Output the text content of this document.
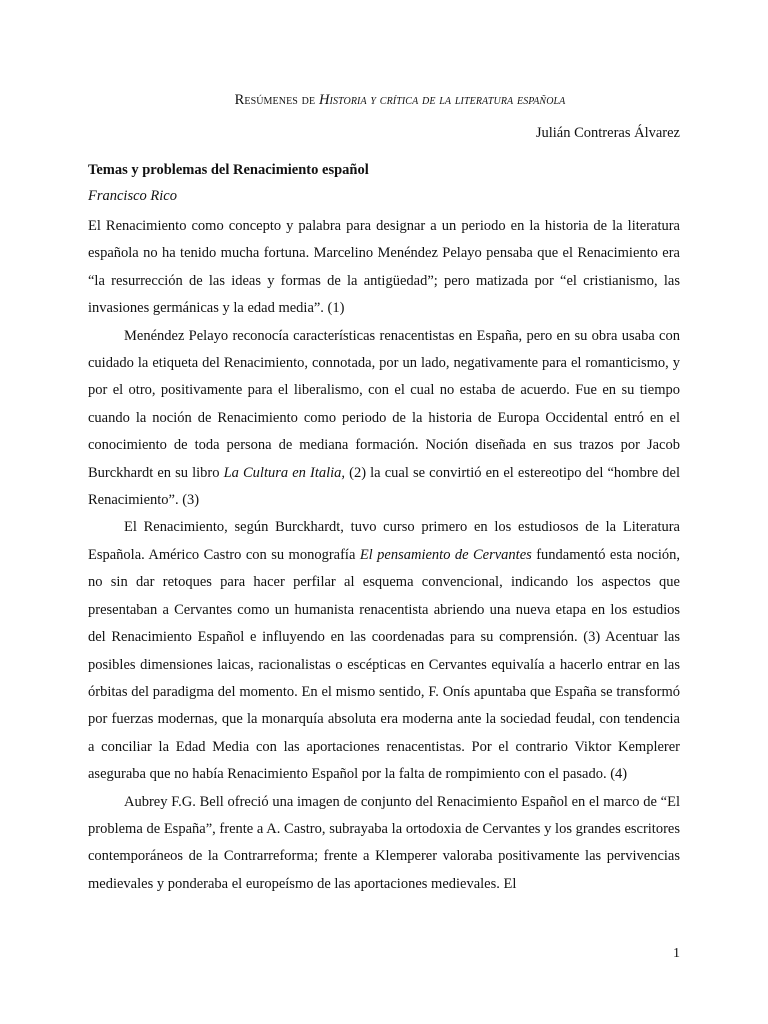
Resúmenes de Historia y crítica de la literatura española
Julián Contreras Álvarez
Temas y problemas del Renacimiento español
Francisco Rico

El Renacimiento como concepto y palabra para designar a un periodo en la historia de la literatura española no ha tenido mucha fortuna. Marcelino Menéndez Pelayo pensaba que el Renacimiento era “la resurrección de las ideas y formas de la antigüedad”; pero matizada por “el cristianismo, las invasiones germánicas y la edad media”. (1)

Menéndez Pelayo reconocía características renacentistas en España, pero en su obra usaba con cuidado la etiqueta del Renacimiento, connotada, por un lado, negativamente para el romanticismo, y por el otro, positivamente para el liberalismo, con el cual no estaba de acuerdo. Fue en su tiempo cuando la noción de Renacimiento como periodo de la historia de Europa Occidental entró en el conocimiento de toda persona de mediana formación. Noción diseñada en sus trazos por Jacob Burckhardt en su libro La Cultura en Italia, (2) la cual se convirtió en el estereotipo del “hombre del Renacimiento”. (3)

El Renacimiento, según Burckhardt, tuvo curso primero en los estudiosos de la Literatura Española. Américo Castro con su monografía El pensamiento de Cervantes fundamentó esta noción, no sin dar retoques para hacer perfilar al esquema convencional, indicando los aspectos que presentaban a Cervantes como un humanista renacentista abriendo una nueva etapa en los estudios del Renacimiento Español e influyendo en las coordenadas para su comprensión. (3) Acentuar las posibles dimensiones laicas, racionalistas o escépticas en Cervantes equivalía a hacerlo entrar en las órbitas del paradigma del momento. En el mismo sentido, F. Onís apuntaba que España se transformó por fuerzas modernas, que la monarquía absoluta era moderna ante la sociedad feudal, con tendencia a conciliar la Edad Media con las aportaciones renacentistas. Por el contrario Viktor Kemplerer aseguraba que no había Renacimiento Español por la falta de rompimiento con el pasado. (4)

Aubrey F.G. Bell ofreció una imagen de conjunto del Renacimiento Español en el marco de “El problema de España”, frente a A. Castro, subrayaba la ortodoxia de Cervantes y los grandes escritores contemporáneos de la Contrarreforma; frente a Klemperer valoraba positivamente las pervivencias medievales y ponderaba el europeísmo de las aportaciones medievales. El

1
